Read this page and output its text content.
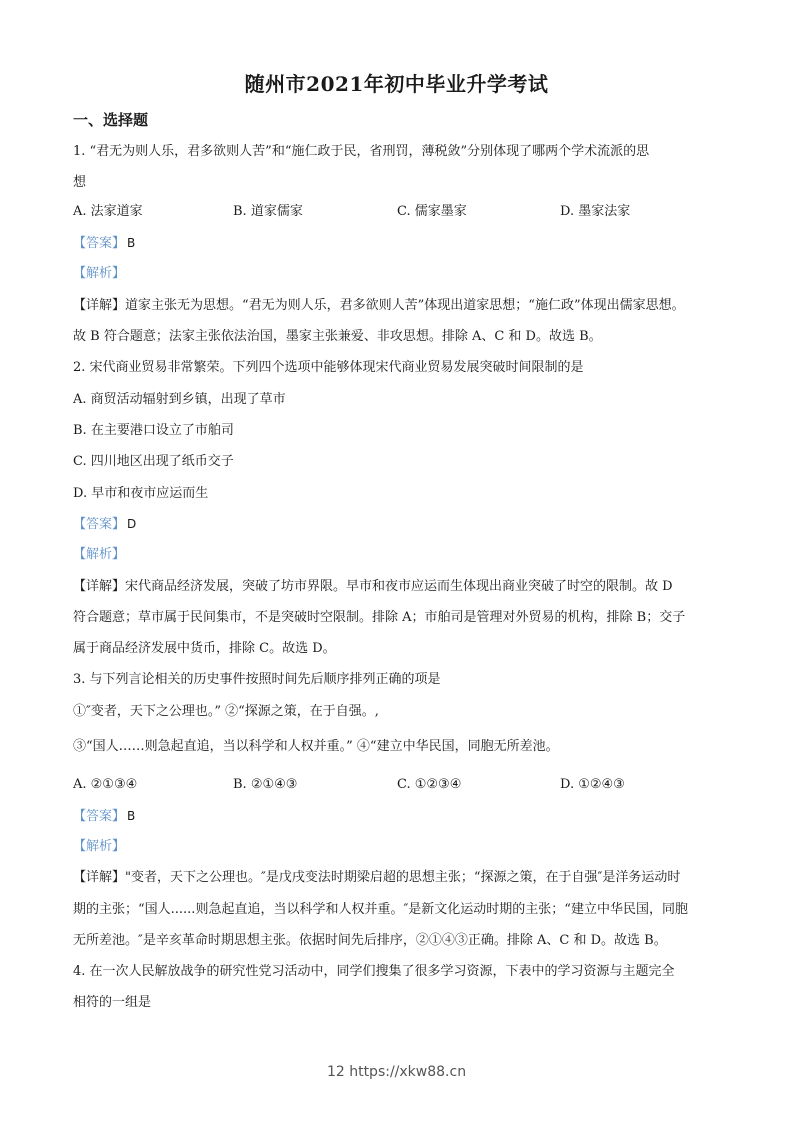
随州市2021年初中毕业升学考试
一、选择题
1. “君无为则人乐，君多欲则人苦”和“施仁政于民，省刑罚，薄税敛”分别体现了哪两个学术流派的思
想
A. 法家道家	B. 道家儒家	C. 儒家墨家	D. 墨家法家
【答案】 B
【解析】
【详解】道家主张无为思想。“君无为则人乐，君多欲则人苦”体现出道家思想；“施仁政”体现出儒家思想。
故 B 符合题意；法家主张依法治国，墨家主张兼爱、非攻思想。排除 A、C 和 D。故选 B。
2. 宋代商业贸易非常繁荣。下列四个选项中能够体现宋代商业贸易发展突破时间限制的是
A. 商贸活动辐射到乡镇，出现了草市
B. 在主要港口设立了市舶司
C. 四川地区出现了纸币交子
D. 早市和夜市应运而生
【答案】 D
【解析】
【详解】宋代商品经济发展，突破了坊市界限。早市和夜市应运而生体现出商业突破了时空的限制。故 D
符合题意；草市属于民间集市，不是突破时空限制。排除 A；市舶司是管理对外贸易的机构，排除 B；交子
属于商品经济发展中货币，排除 C。故选 D。
3. 与下列言论相关的历史事件按照时间先后顺序排列正确的项是
①″变者，天下之公理也。” ②“探源之策，在于自强。,
③“国人……则急起直追，当以科学和人权并重。” ④“建立中华民国，同胞无所差池。
A. ②①③④	B. ②①④③	C. ①②③④	D. ①②④③
【答案】 B
【解析】
【详解】"变者，天下之公理也。″是戊戌变法时期梁启超的思想主张；“探源之策，在于自强″是洋务运动时
期的主张；“国人......则急起直追，当以科学和人权并重。″是新文化运动时期的主张；“建立中华民国，同胞
无所差池。″是辛亥革命时期思想主张。依据时间先后排序，②①④③正确。排除 A、C 和 D。故选 B。
4. 在一次人民解放战争的研究性党习活动中，同学们搜集了很多学习资源，下表中的学习资源与主题完全
相符的一组是
12 https://xkw88.cn
